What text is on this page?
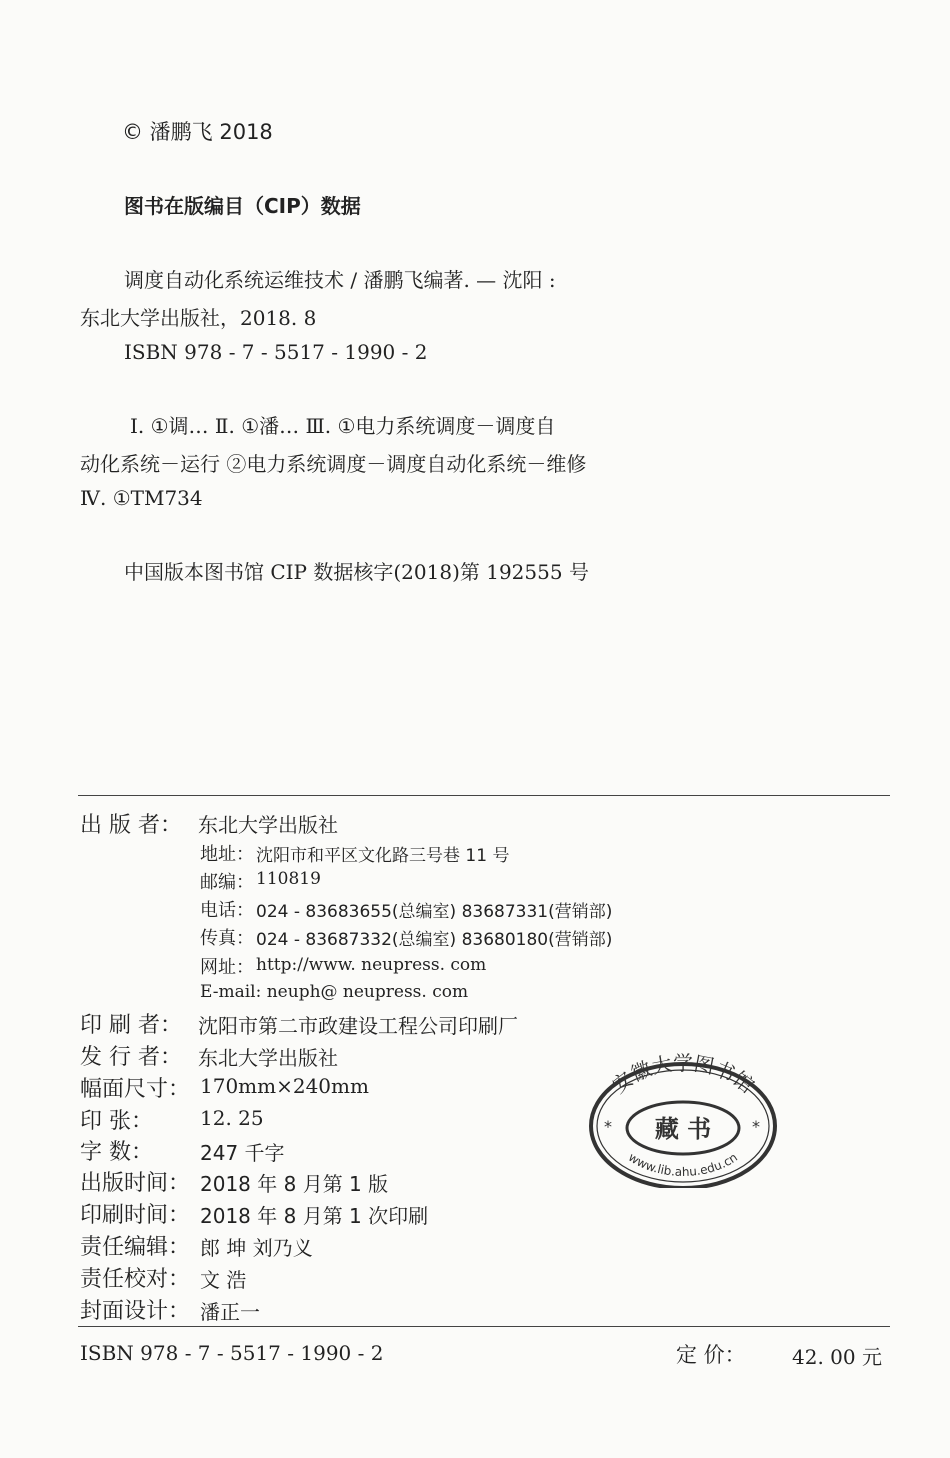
© 潘鹏飞 2018
图书在版编目（CIP）数据
调度自动化系统运维技术 / 潘鹏飞编著. — 沈阳 :
东北大学出版社，2018. 8
ISBN 978 - 7 - 5517 - 1990 - 2
Ⅰ. ①调… Ⅱ. ①潘… Ⅲ. ①电力系统调度－调度自
动化系统－运行 ②电力系统调度－调度自动化系统－维修
Ⅳ. ①TM734
中国版本图书馆 CIP 数据核字(2018)第 192555 号
出 版 者： 东北大学出版社
地址： 沈阳市和平区文化路三号巷 11 号
邮编： 110819
电话： 024 - 83683655(总编室) 83687331(营销部)
传真： 024 - 83687332(总编室) 83680180(营销部)
网址： http://www. neupress. com
E-mail: neuph@ neupress. com
印 刷 者： 沈阳市第二市政建设工程公司印刷厂
发 行 者： 东北大学出版社
幅面尺寸： 170mm×240mm
印 张： 12. 25
字 数： 247 千字
出版时间： 2018 年 8 月第 1 版
印刷时间： 2018 年 8 月第 1 次印刷
责任编辑： 郎 坤 刘乃义
责任校对： 文 浩
封面设计： 潘正一
ISBN 978 - 7 - 5517 - 1990 - 2	定 价： 42. 00 元
安徽大学图书馆
藏 书
www.lib.ahu.edu.cn
*	*
